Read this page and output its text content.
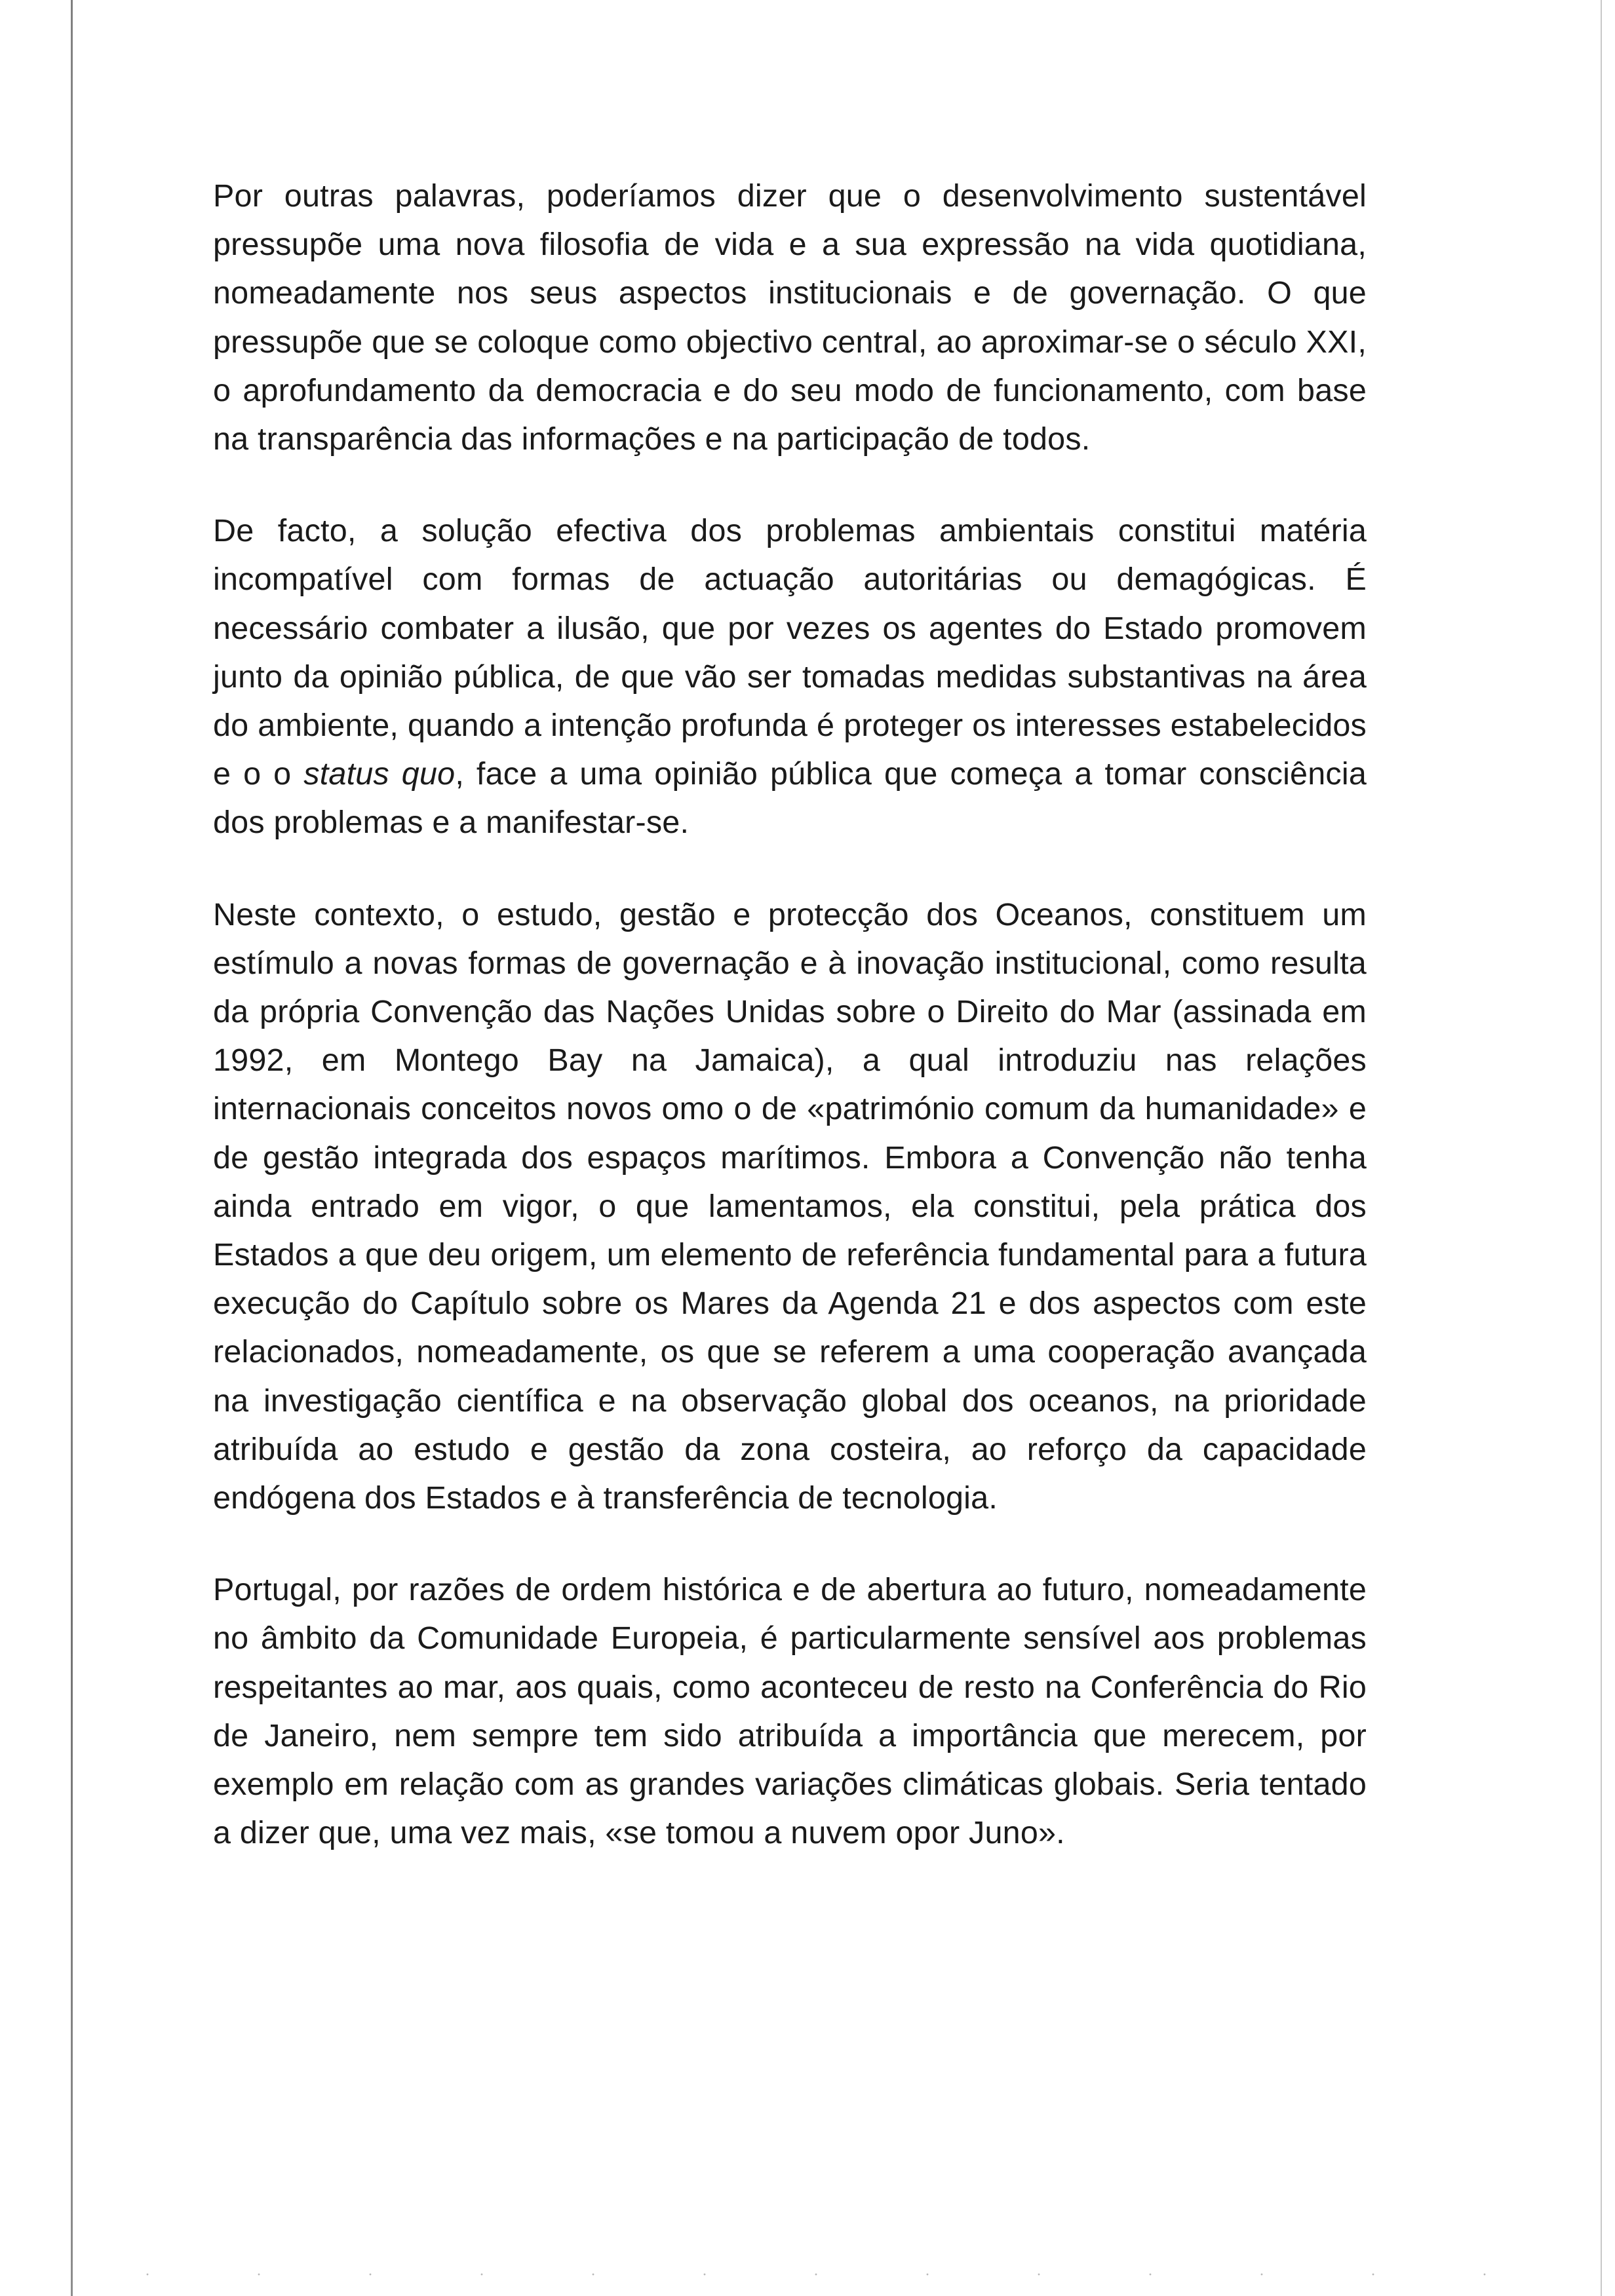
Por outras palavras, poderíamos dizer que o desenvolvimento sustentável pressupõe uma nova filosofia de vida e a sua expressão na vida quotidiana, nomeadamente nos seus aspectos institucionais e de governação. O que pressupõe que se coloque como objectivo central, ao aproximar-se o século XXI, o aprofundamento da democracia e do seu modo de funcionamento, com base na transparência das informações e na participação de todos.

De facto, a solução efectiva dos problemas ambientais constitui matéria incompatível com formas de actuação autoritárias ou demagógicas. É necessário combater a ilusão, que por vezes os agentes do Estado promovem junto da opinião pública, de que vão ser tomadas medidas substantivas na área do ambiente, quando a intenção profunda é proteger os interesses estabelecidos e o o status quo, face a uma opinião pública que começa a tomar consciência dos problemas e a manifestar-se.

Neste contexto, o estudo, gestão e protecção dos Oceanos, constituem um estímulo a novas formas de governação e à inovação institucional, como resulta da própria Convenção das Nações Unidas sobre o Direito do Mar (assinada em 1992, em Montego Bay na Jamaica), a qual introduziu nas relações internacionais conceitos novos omo o de «património comum da humanidade» e de gestão integrada dos espaços marítimos. Embora a Convenção não tenha ainda entrado em vigor, o que lamentamos, ela constitui, pela prática dos Estados a que deu origem, um elemento de referência fundamental para a futura execução do Capítulo sobre os Mares da Agenda 21 e dos aspectos com este relacionados, nomeadamente, os que se referem a uma cooperação avançada na investigação científica e na observação global dos oceanos, na prioridade atribuída ao estudo e gestão da zona costeira, ao reforço da capacidade endógena dos Estados e à transferência de tecnologia.

Portugal, por razões de ordem histórica e de abertura ao futuro, nomeadamente no âmbito da Comunidade Europeia, é particularmente sensível aos problemas respeitantes ao mar, aos quais, como aconteceu de resto na Conferência do Rio de Janeiro, nem sempre tem sido atribuída a importância que merecem, por exemplo em relação com as grandes variações climáticas globais. Seria tentado a dizer que, uma vez mais, «se tomou a nuvem opor Juno».
